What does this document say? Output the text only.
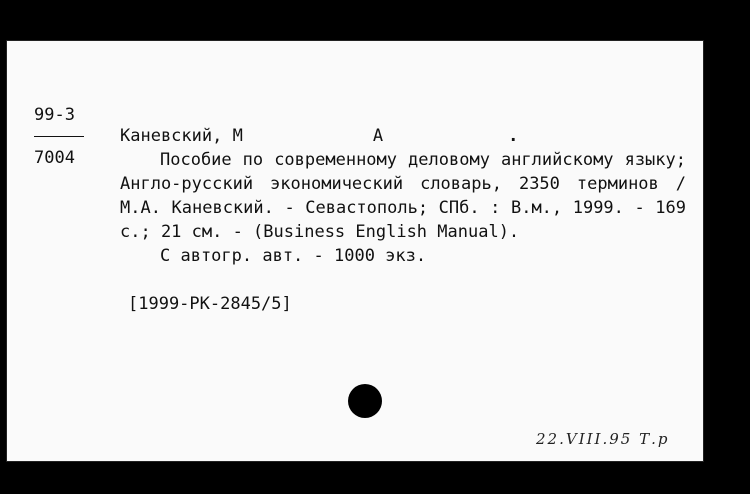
99-3
7004
Каневский, М	А	.

Пособие по современному деловому английскому языку; Англо-русский экономический словарь, 2350 терминов / М.А. Каневский. - Севастополь; СПб. : В.м., 1999. - 169 с.; 21 см. - (Business English Manual).

С автогр. авт. - 1000 экз.

[1999-РК-2845/5]
22.VIII.95 Т.р
